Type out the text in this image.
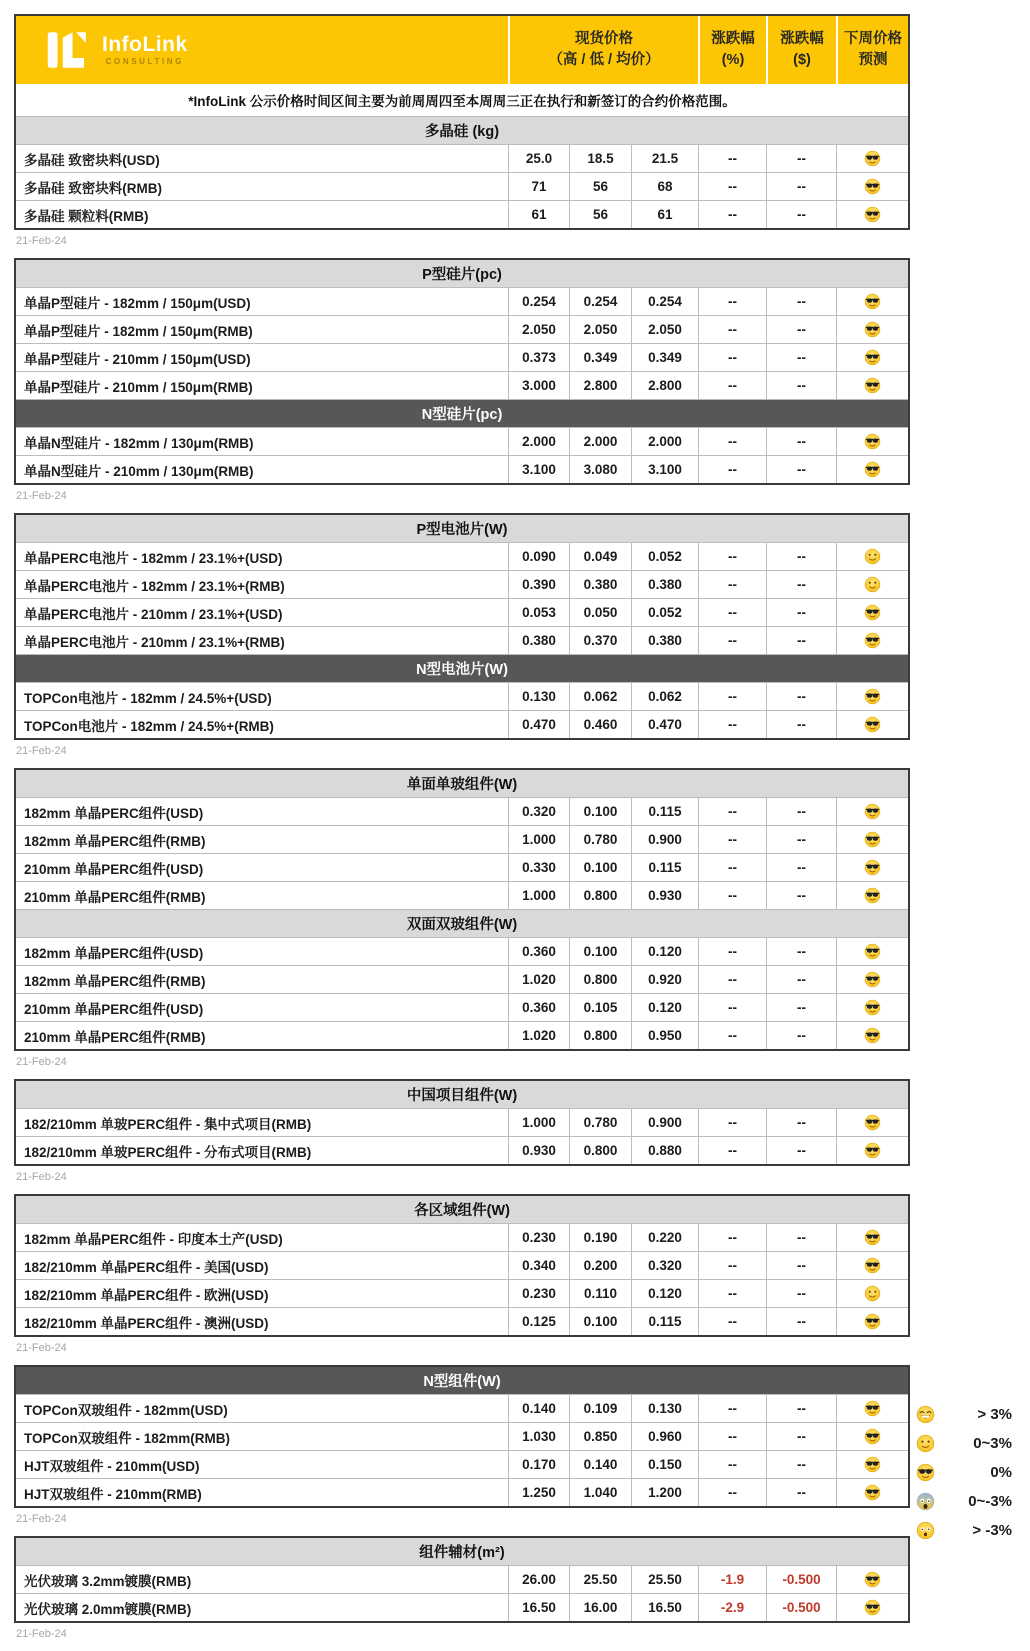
InfoLink
CONSULTING
现货价格
（高 / 低 / 均价）
涨跌幅
(%)
涨跌幅
($)
下周价格
预测
*InfoLink 公示价格时间区间主要为前周周四至本周周三正在执行和新签订的合约价格范围。
多晶硅 (kg)
多晶硅 致密块料(USD)	25.0	18.5	21.5	--	--
多晶硅 致密块料(RMB)	71	56	68	--	--
多晶硅 颗粒料(RMB)	61	56	61	--	--
21-Feb-24
P型硅片(pc)
单晶P型硅片 - 182mm / 150μm(USD)	0.254	0.254	0.254	--	--
单晶P型硅片 - 182mm / 150μm(RMB)	2.050	2.050	2.050	--	--
单晶P型硅片 - 210mm / 150μm(USD)	0.373	0.349	0.349	--	--
单晶P型硅片 - 210mm / 150μm(RMB)	3.000	2.800	2.800	--	--
N型硅片(pc)
单晶N型硅片 - 182mm / 130μm(RMB)	2.000	2.000	2.000	--	--
单晶N型硅片 - 210mm / 130μm(RMB)	3.100	3.080	3.100	--	--
21-Feb-24
P型电池片(W)
单晶PERC电池片 - 182mm / 23.1%+(USD)	0.090	0.049	0.052	--	--
单晶PERC电池片 - 182mm / 23.1%+(RMB)	0.390	0.380	0.380	--	--
单晶PERC电池片 - 210mm / 23.1%+(USD)	0.053	0.050	0.052	--	--
单晶PERC电池片 - 210mm / 23.1%+(RMB)	0.380	0.370	0.380	--	--
N型电池片(W)
TOPCon电池片 - 182mm / 24.5%+(USD)	0.130	0.062	0.062	--	--
TOPCon电池片 - 182mm / 24.5%+(RMB)	0.470	0.460	0.470	--	--
21-Feb-24
单面单玻组件(W)
182mm 单晶PERC组件(USD)	0.320	0.100	0.115	--	--
182mm 单晶PERC组件(RMB)	1.000	0.780	0.900	--	--
210mm 单晶PERC组件(USD)	0.330	0.100	0.115	--	--
210mm 单晶PERC组件(RMB)	1.000	0.800	0.930	--	--
双面双玻组件(W)
182mm 单晶PERC组件(USD)	0.360	0.100	0.120	--	--
182mm 单晶PERC组件(RMB)	1.020	0.800	0.920	--	--
210mm 单晶PERC组件(USD)	0.360	0.105	0.120	--	--
210mm 单晶PERC组件(RMB)	1.020	0.800	0.950	--	--
21-Feb-24
中国项目组件(W)
182/210mm 单玻PERC组件 - 集中式项目(RMB)	1.000	0.780	0.900	--	--
182/210mm 单玻PERC组件 - 分布式项目(RMB)	0.930	0.800	0.880	--	--
21-Feb-24
各区域组件(W)
182mm 单晶PERC组件 - 印度本土产(USD)	0.230	0.190	0.220	--	--
182/210mm 单晶PERC组件 - 美国(USD)	0.340	0.200	0.320	--	--
182/210mm 单晶PERC组件 - 欧洲(USD)	0.230	0.110	0.120	--	--
182/210mm 单晶PERC组件 - 澳洲(USD)	0.125	0.100	0.115	--	--
21-Feb-24
N型组件(W)
TOPCon双玻组件 - 182mm(USD)	0.140	0.109	0.130	--	--
TOPCon双玻组件 - 182mm(RMB)	1.030	0.850	0.960	--	--
HJT双玻组件 - 210mm(USD)	0.170	0.140	0.150	--	--
HJT双玻组件 - 210mm(RMB)	1.250	1.040	1.200	--	--
21-Feb-24
组件辅材(m²)
光伏玻璃 3.2mm镀膜(RMB)	26.00	25.50	25.50	-1.9	-0.500
光伏玻璃 2.0mm镀膜(RMB)	16.50	16.00	16.50	-2.9	-0.500
21-Feb-24
> 3%
0~3%
0%
0~-3%
> -3%
